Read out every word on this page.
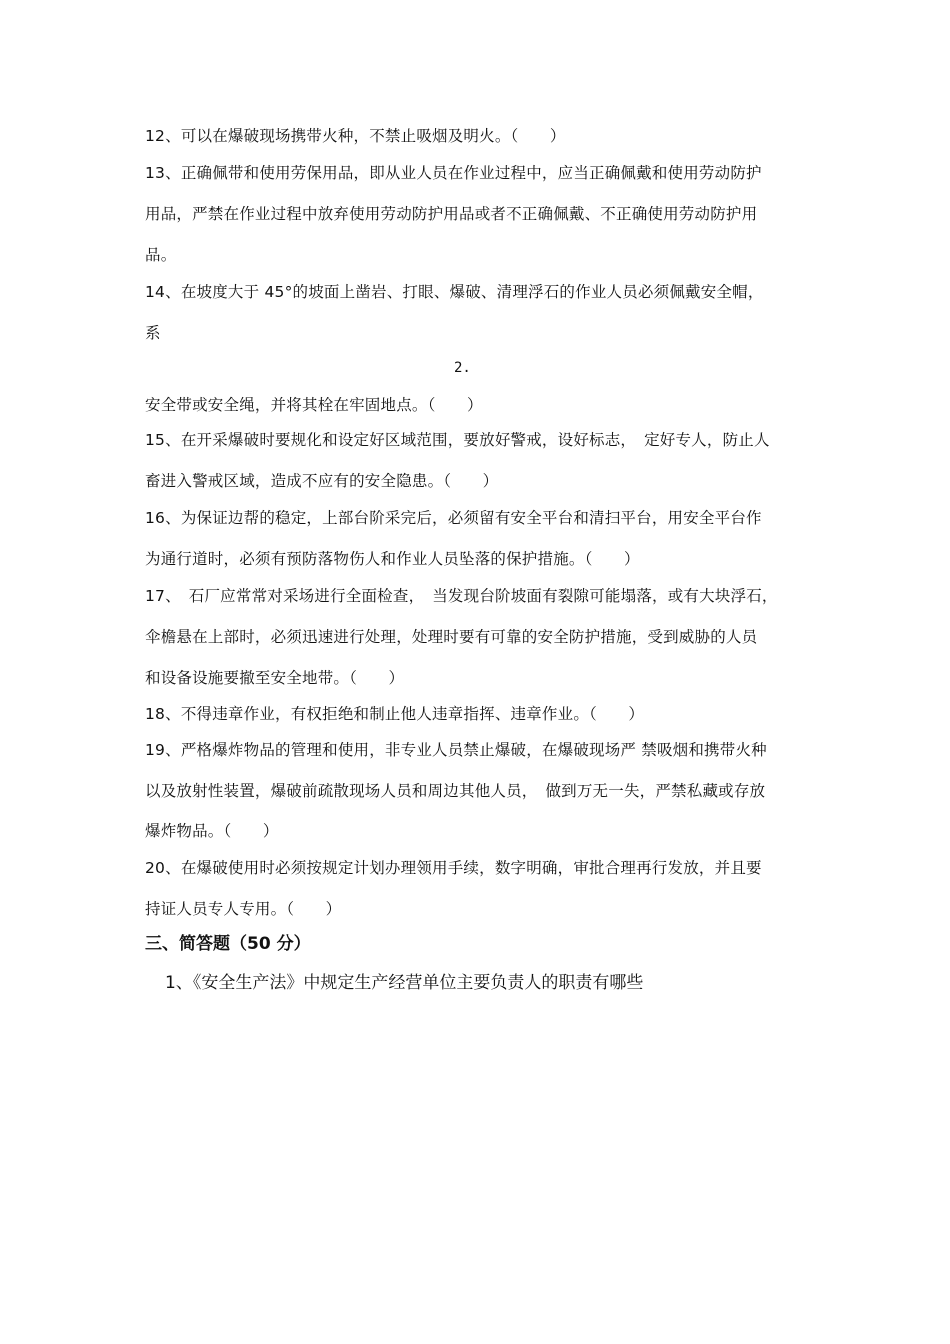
12、可以在爆破现场携带火种，不禁止吸烟及明火。（　　）
13、正确佩带和使用劳保用品，即从业人员在作业过程中，应当正确佩戴和使用劳动防护
用品，严禁在作业过程中放弃使用劳动防护用品或者不正确佩戴、不正确使用劳动防护用
品。
14、在坡度大于 45°的坡面上凿岩、打眼、爆破、清理浮石的作业人员必须佩戴安全帽，
系
2.
安全带或安全绳，并将其栓在牢固地点。（　　）
15、在开采爆破时要规化和设定好区域范围，要放好警戒，设好标志，　定好专人，防止人
畜进入警戒区域，造成不应有的安全隐患。（　　）
16、为保证边帮的稳定，上部台阶采完后，必须留有安全平台和清扫平台，用安全平台作
为通行道时，必须有预防落物伤人和作业人员坠落的保护措施。（　　）
17、　石厂应常常对采场进行全面检查，　当发现台阶坡面有裂隙可能塌落，或有大块浮石，
伞檐悬在上部时，必须迅速进行处理，处理时要有可靠的安全防护措施，受到威胁的人员
和设备设施要撤至安全地带。（　　）
18、不得违章作业，有权拒绝和制止他人违章指挥、违章作业。（　　）
19、严格爆炸物品的管理和使用，非专业人员禁止爆破，在爆破现场严 禁吸烟和携带火种
以及放射性装置，爆破前疏散现场人员和周边其他人员，　做到万无一失，严禁私藏或存放
爆炸物品。（　　）
20、在爆破使用时必须按规定计划办理领用手续，数字明确，审批合理再行发放，并且要
持证人员专人专用。（　　）
三、简答题（50 分）
1、《安全生产法》中规定生产经营单位主要负责人的职责有哪些
